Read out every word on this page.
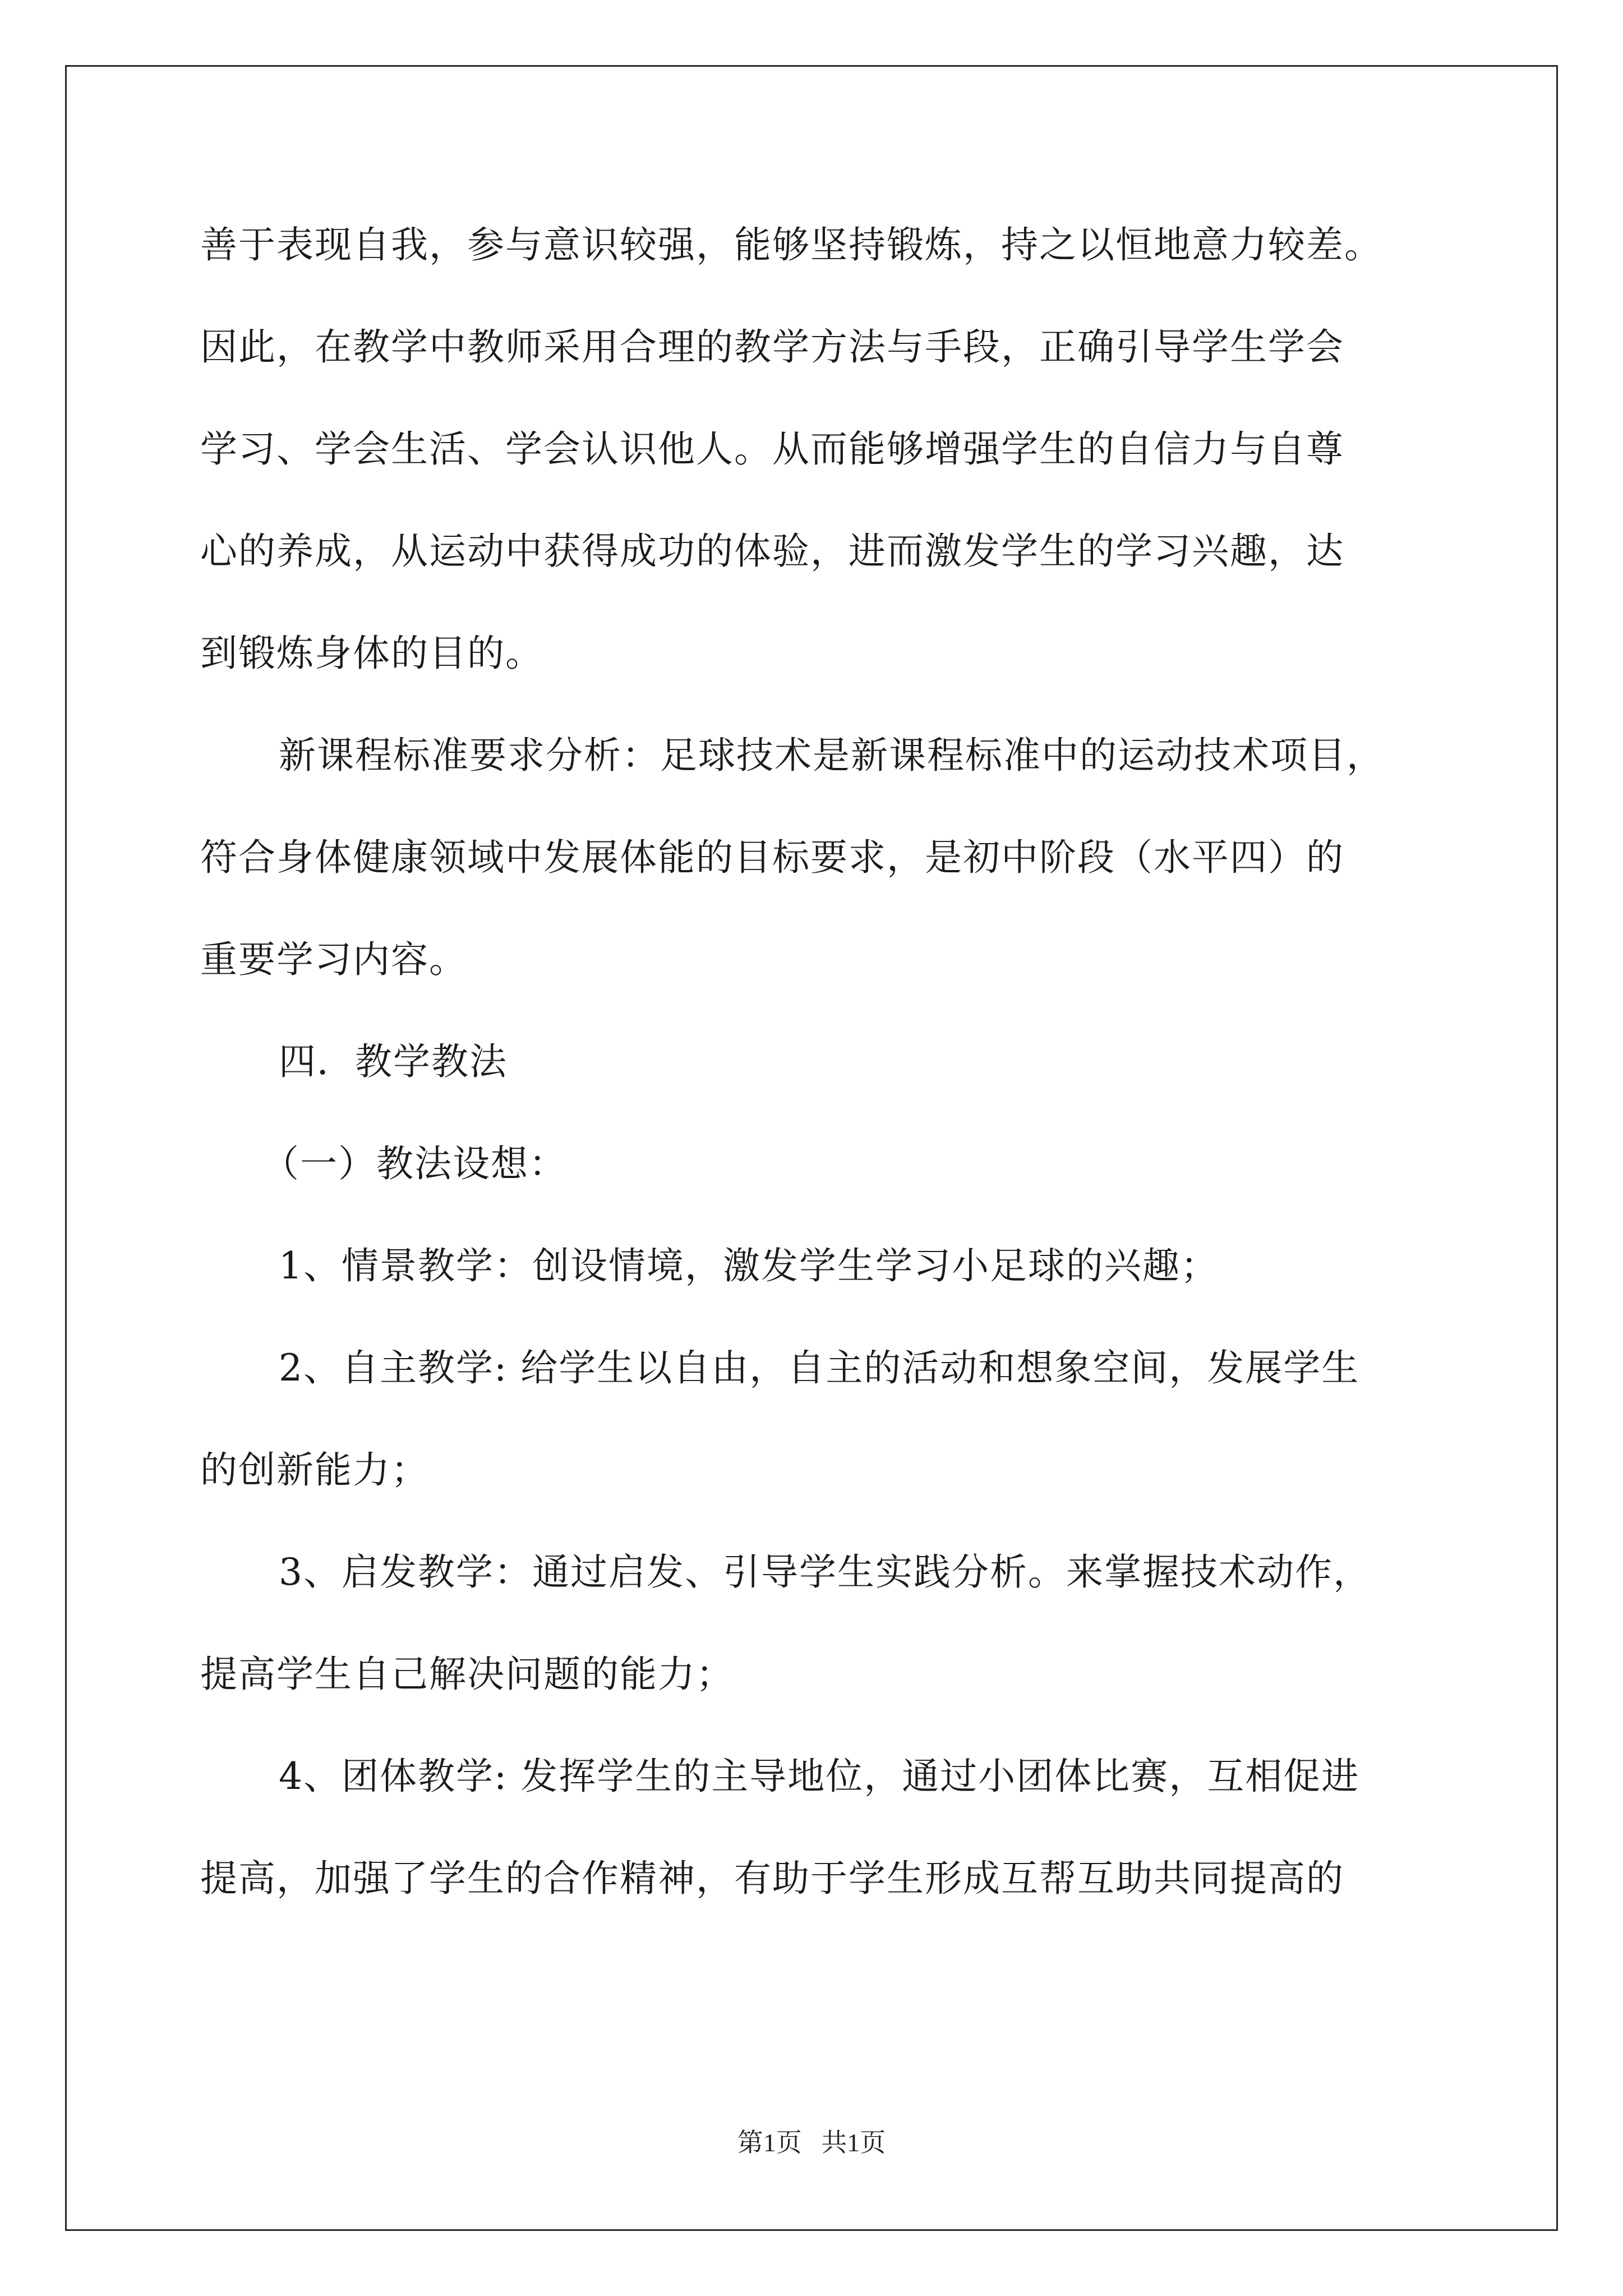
善于表现自我，参与意识较强，能够坚持锻炼，持之以恒地意力较差。
因此，在教学中教师采用合理的教学方法与手段，正确引导学生学会
学习、学会生活、学会认识他人。从而能够增强学生的自信力与自尊
心的养成，从运动中获得成功的体验，进而激发学生的学习兴趣，达
到锻炼身体的目的。
新课程标准要求分析：足球技术是新课程标准中的运动技术项目，
符合身体健康领域中发展体能的目标要求，是初中阶段（水平四）的
重要学习内容。
四．教学教法
（一）教法设想：
1、情景教学：创设情境，激发学生学习小足球的兴趣；
2、自主教学: 给学生以自由，自主的活动和想象空间，发展学生
的创新能力；
3、启发教学：通过启发、引导学生实践分析。来掌握技术动作，
提高学生自己解决问题的能力；
4、团体教学: 发挥学生的主导地位，通过小团体比赛，互相促进
提高，加强了学生的合作精神，有助于学生形成互帮互助共同提高的
第1页   共1页
